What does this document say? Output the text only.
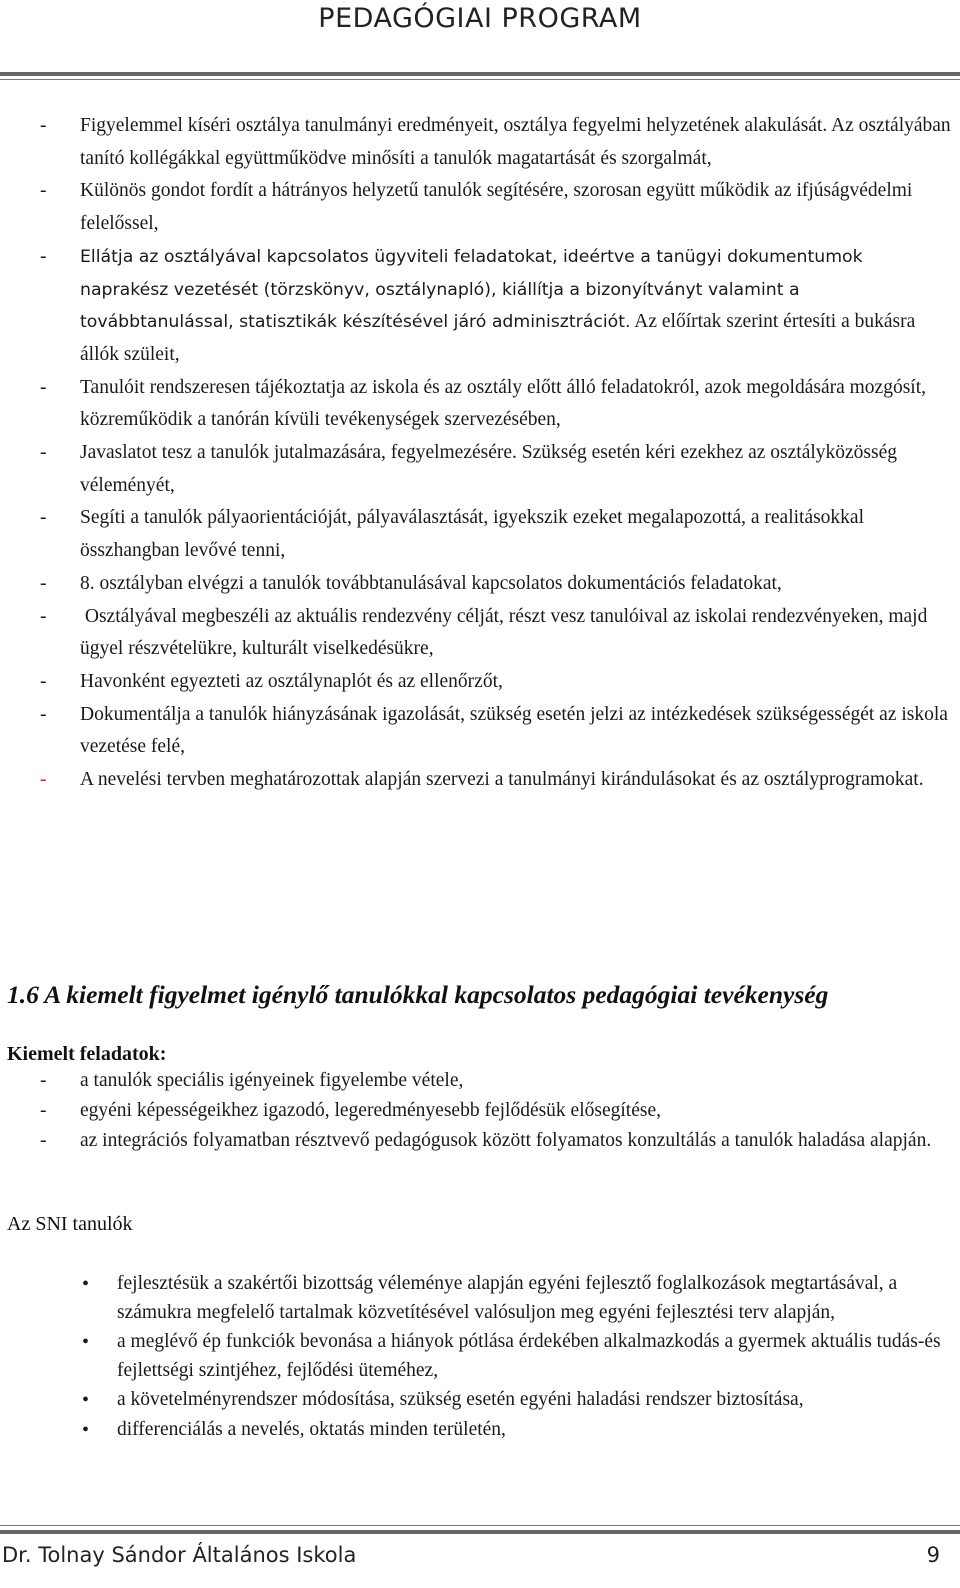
PEDAGÓGIAI PROGRAM
- Figyelemmel kíséri osztálya tanulmányi eredményeit, osztálya fegyelmi helyzetének alakulását. Az osztályában tanító kollégákkal együttműködve minősíti a tanulók magatartását és szorgalmát,
- Különös gondot fordít a hátrányos helyzetű tanulók segítésére, szorosan együtt működik az ifjúságvédelmi felelőssel,
- Ellátja az osztályával kapcsolatos ügyviteli feladatokat, ideértve a tanügyi dokumentumok naprakész vezetését (törzskönyv, osztálynapló), kiállítja a bizonyítványt valamint a továbbtanulással, statisztikák készítésével járó adminisztrációt. Az előírtak szerint értesíti a bukásra állók szüleit,
- Tanulóit rendszeresen tájékoztatja az iskola és az osztály előtt álló feladatokról, azok megoldására mozgósít, közreműködik a tanórán kívüli tevékenységek szervezésében,
- Javaslatot tesz a tanulók jutalmazására, fegyelmezésére. Szükség esetén kéri ezekhez az osztályközösség véleményét,
- Segíti a tanulók pályaorientációját, pályaválasztását, igyekszik ezeket megalapozottá, a realitásokkal összhangban levővé tenni,
- 8. osztályban elvégzi a tanulók továbbtanulásával kapcsolatos dokumentációs feladatokat,
- Osztályával megbeszéli az aktuális rendezvény célját, részt vesz tanulóival az iskolai rendezvényeken, majd ügyel részvételükre, kulturált viselkedésükre,
- Havonként egyezteti az osztálynaplót és az ellenőrzőt,
- Dokumentálja a tanulók hiányzásának igazolását, szükség esetén jelzi az intézkedések szükségességét az iskola vezetése felé,
- A nevelési tervben meghatározottak alapján szervezi a tanulmányi kirándulásokat és az osztályprogramokat.
1.6 A kiemelt figyelmet igénylő tanulókkal kapcsolatos pedagógiai tevékenység
Kiemelt feladatok:
- a tanulók speciális igényeinek figyelembe vétele,
- egyéni képességeikhez igazodó, legeredményesebb fejlődésük elősegítése,
- az integrációs folyamatban résztvevő pedagógusok között folyamatos konzultálás a tanulók haladása alapján.
Az SNI tanulók
• fejlesztésük a szakértői bizottság véleménye alapján egyéni fejlesztő foglalkozások megtartásával, a számukra megfelelő tartalmak közvetítésével valósuljon meg egyéni fejlesztési terv alapján,
• a meglévő ép funkciók bevonása a hiányok pótlása érdekében alkalmazkodás a gyermek aktuális tudás-és fejlettségi szintjéhez, fejlődési üteméhez,
• a követelményrendszer módosítása, szükség esetén egyéni haladási rendszer biztosítása,
• differenciálás a nevelés, oktatás minden területén,
Dr. Tolnay Sándor Általános Iskola	9
